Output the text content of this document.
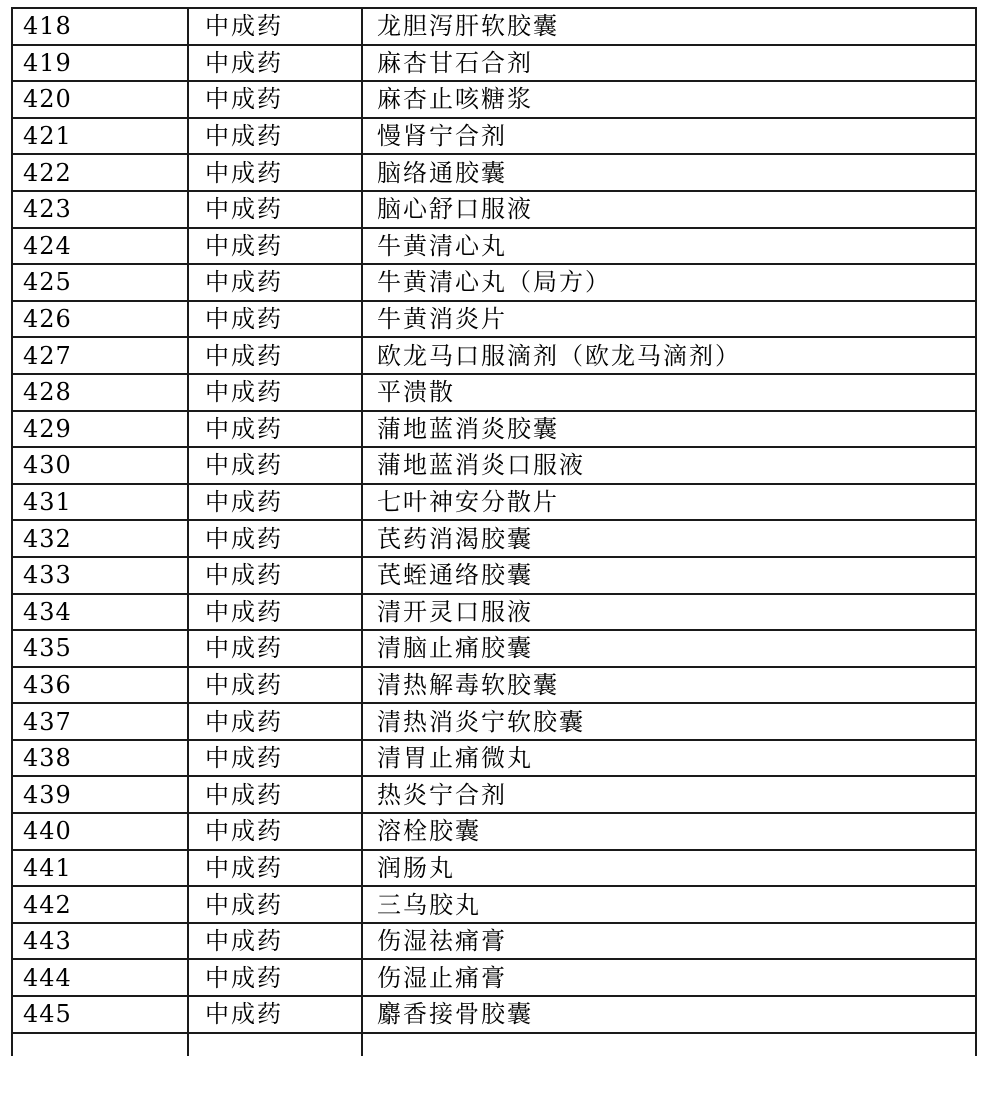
418	中成药	龙胆泻肝软胶囊
419	中成药	麻杏甘石合剂
420	中成药	麻杏止咳糖浆
421	中成药	慢肾宁合剂
422	中成药	脑络通胶囊
423	中成药	脑心舒口服液
424	中成药	牛黄清心丸
425	中成药	牛黄清心丸（局方）
426	中成药	牛黄消炎片
427	中成药	欧龙马口服滴剂（欧龙马滴剂）
428	中成药	平溃散
429	中成药	蒲地蓝消炎胶囊
430	中成药	蒲地蓝消炎口服液
431	中成药	七叶神安分散片
432	中成药	芪药消渴胶囊
433	中成药	芪蛭通络胶囊
434	中成药	清开灵口服液
435	中成药	清脑止痛胶囊
436	中成药	清热解毒软胶囊
437	中成药	清热消炎宁软胶囊
438	中成药	清胃止痛微丸
439	中成药	热炎宁合剂
440	中成药	溶栓胶囊
441	中成药	润肠丸
442	中成药	三乌胶丸
443	中成药	伤湿祛痛膏
444	中成药	伤湿止痛膏
445	中成药	麝香接骨胶囊
